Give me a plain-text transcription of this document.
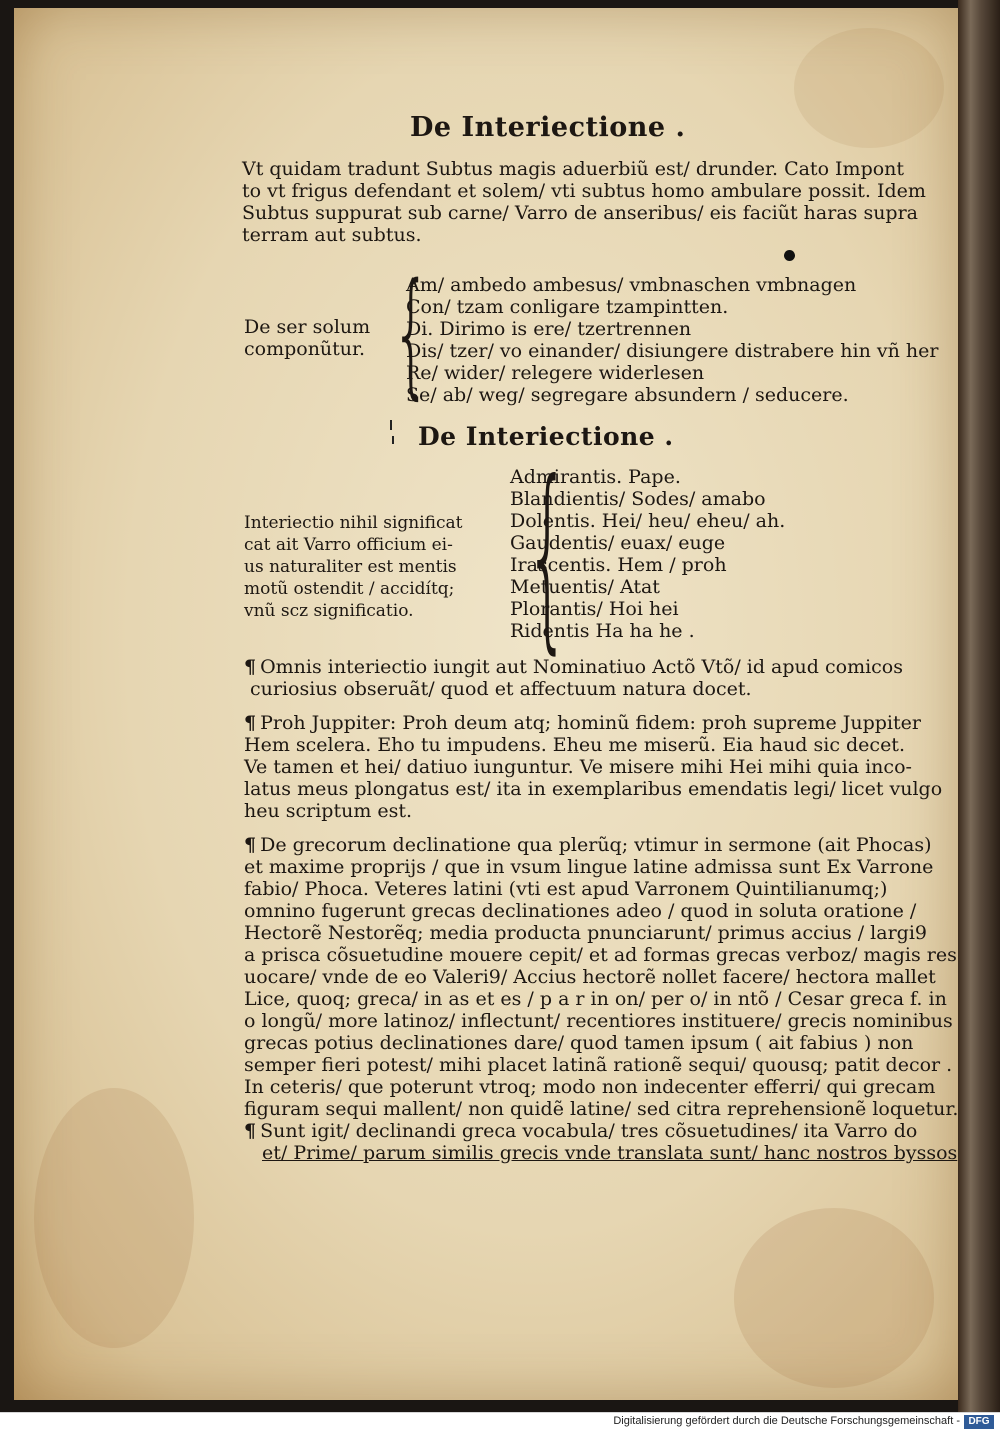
De Interiectione .
Vt quidam tradunt Subtus magis aduerbiũ est/ drunder. Cato Impont
to vt frigus defendant et solem/ vti subtus homo ambulare possit. Idem
Subtus suppurat sub carne/ Varro de anseribus/ eis faciũt haras supra
terram aut subtus.
De ser solum
componũtur. {
Am/ ambedo ambesus/ vmbnaschen vmbnagen
Con/ tzam conligare tzampintten.
Di. Dirimo is ere/ tzertrennen
Dis/ tzer/ vo einander/ disiungere distrabere hin vñ her
Re/ wider/ relegere widerlesen
Se/ ab/ weg/ segregare absundern / seducere.
De Interiectione .
Interiectio nihil significat
cat ait Varro officium ei-
us naturaliter est mentis
motũ ostendit / accidítq;
vnũ scz significatio. {
Admirantis. Pape.
Blandientis/ Sodes/ amabo
Dolentis. Hei/ heu/ eheu/ ah.
Gaudentis/ euax/ euge
Irascentis. Hem / proh
Metuentis/ Atat
Plorantis/ Hoi hei
Ridentis Ha ha he .
¶ Omnis interiectio iungit aut Nominatiuo Actõ Vtõ/ id apud comicos
curiosius obseruãt/ quod et affectuum natura docet.
¶ Proh Juppiter: Proh deum atq; hominũ fidem: proh supreme Juppiter
Hem scelera. Eho tu impudens. Eheu me miserũ. Eia haud sic decet.
Ve tamen et hei/ datiuo iunguntur. Ve misere mihi Hei mihi quia inco-
latus meus plongatus est/ ita in exemplaribus emendatis legi/ licet vulgo
heu scriptum est.
¶ De grecorum declinatione qua plerũq; vtimur in sermone (ait Phocas)
et maxime proprijs / que in vsum lingue latine admissa sunt Ex Varrone
fabio/ Phoca. Veteres latini (vti est apud Varronem Quintilianumq;)
omnino fugerunt grecas declinationes adeo / quod in soluta oratione /
Hectorẽ Nestorẽq; media producta pnunciarunt/ primus accius / largi9
a prisca cõsuetudine mouere cepit/ et ad formas grecas verboz/ magis res
uocare/ vnde de eo Valeri9/ Accius hectorẽ nollet facere/ hectora mallet
Lice, quoq; greca/ in as et es / p a r in on/ per o/ in ntõ / Cesar greca f. in
o longũ/ more latinoz/ inflectunt/ recentiores instituere/ grecis nominibus
grecas potius declinationes dare/ quod tamen ipsum ( ait fabius ) non
semper fieri potest/ mihi placet latinã rationẽ sequi/ quousq; patit decor .
In ceteris/ que poterunt vtroq; modo non indecenter efferri/ qui grecam
figuram sequi mallent/ non quidẽ latine/ sed citra reprehensionẽ loquetur.
¶ Sunt igit/ declinandi greca vocabula/ tres cõsuetudines/ ita Varro do
et/ Prime/ parum similis grecis vnde translata sunt/ hanc nostros byssos
Digitalisierung gefördert durch die Deutsche Forschungsgemeinschaft - DFG
